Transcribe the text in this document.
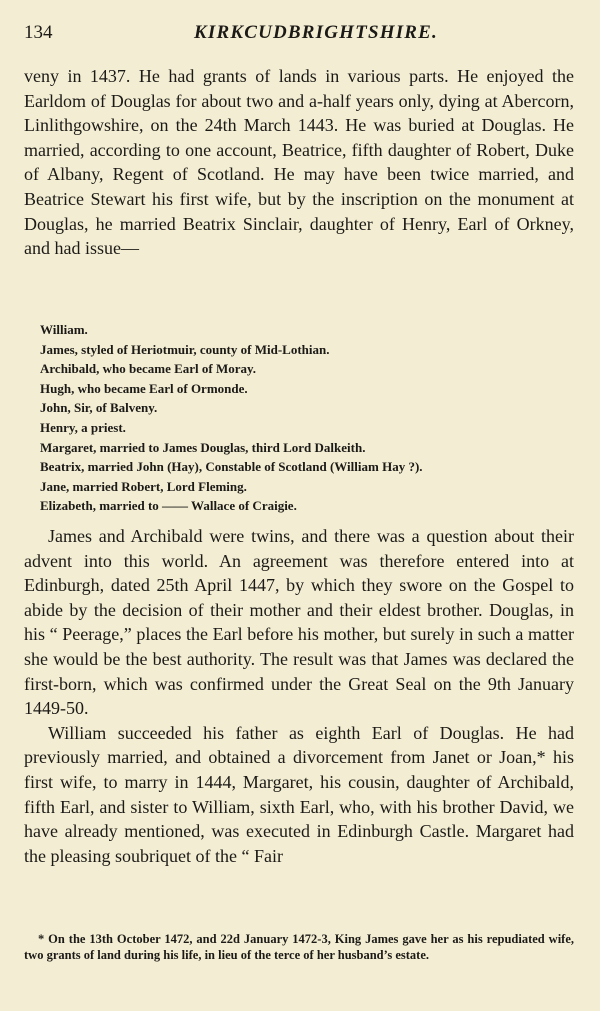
134	KIRKCUDBRIGHTSHIRE.

veny in 1437. He had grants of lands in various parts. He enjoyed the Earldom of Douglas for about two and a-half years only, dying at Abercorn, Linlithgowshire, on the 24th March 1443. He was buried at Douglas. He married, according to one account, Beatrice, fifth daughter of Robert, Duke of Albany, Regent of Scotland. He may have been twice married, and Beatrice Stewart his first wife, but by the inscription on the monument at Douglas, he married Beatrix Sinclair, daughter of Henry, Earl of Orkney, and had issue—

William.
James, styled of Heriotmuir, county of Mid-Lothian.
Archibald, who became Earl of Moray.
Hugh, who became Earl of Ormonde.
John, Sir, of Balveny.
Henry, a priest.
Margaret, married to James Douglas, third Lord Dalkeith.
Beatrix, married John (Hay), Constable of Scotland (William Hay ?).
Jane, married Robert, Lord Fleming.
Elizabeth, married to —— Wallace of Craigie.

James and Archibald were twins, and there was a question about their advent into this world. An agreement was therefore entered into at Edinburgh, dated 25th April 1447, by which they swore on the Gospel to abide by the decision of their mother and their eldest brother. Douglas, in his “ Peerage,” places the Earl before his mother, but surely in such a matter she would be the best authority. The result was that James was declared the first-born, which was confirmed under the Great Seal on the 9th January 1449-50.

William succeeded his father as eighth Earl of Douglas. He had previously married, and obtained a divorcement from Janet or Joan,* his first wife, to marry in 1444, Margaret, his cousin, daughter of Archibald, fifth Earl, and sister to William, sixth Earl, who, with his brother David, we have already mentioned, was executed in Edinburgh Castle. Margaret had the pleasing soubriquet of the “ Fair

* On the 13th October 1472, and 22d January 1472-3, King James gave her as his repudiated wife, two grants of land during his life, in lieu of the terce of her husband’s estate.
